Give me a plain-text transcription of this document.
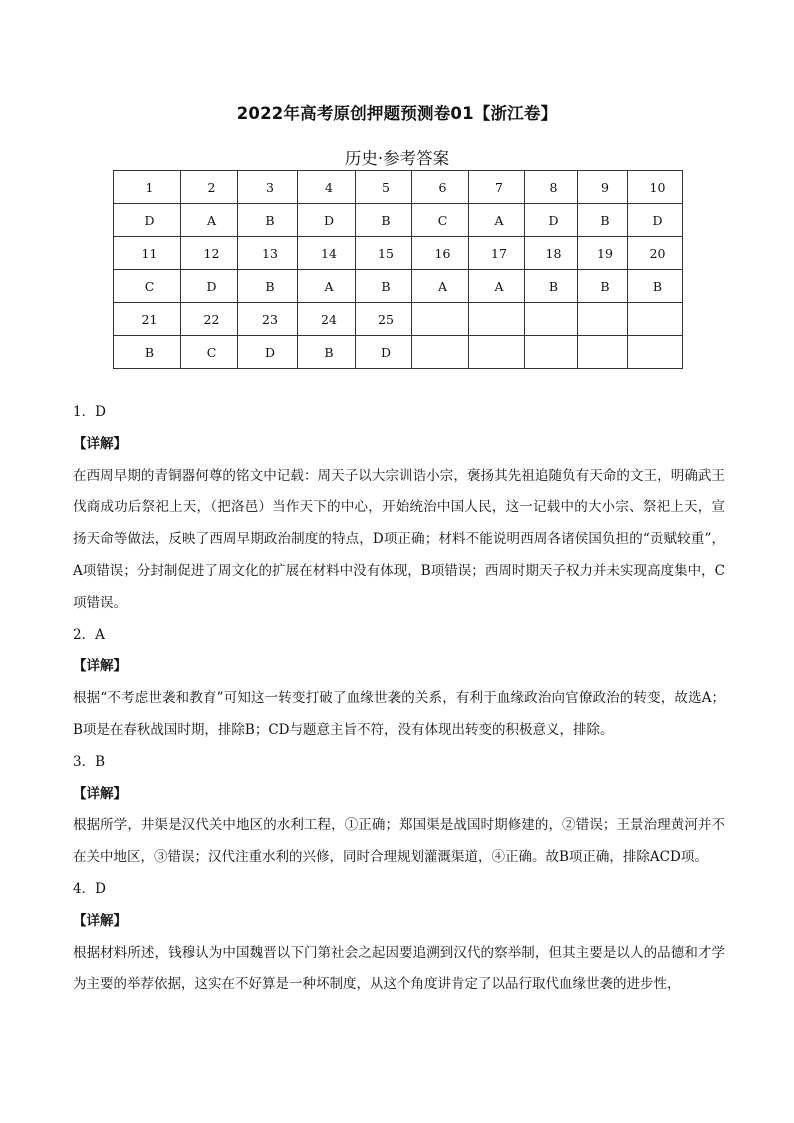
2022年高考原创押题预测卷01【浙江卷】
历史·参考答案
1	2	3	4	5	6	7	8	9	10
D	A	B	D	B	C	A	D	B	D
11	12	13	14	15	16	17	18	19	20
C	D	B	A	B	A	A	B	B	B
21	22	23	24	25					
B	C	D	B	D					

1．D

【详解】

在西周早期的青铜器何尊的铭文中记载：周天子以大宗训诰小宗，褒扬其先祖追随负有天命的文王，明确武王伐商成功后祭祀上天，（把洛邑）当作天下的中心，开始统治中国人民，这一记载中的大小宗、祭祀上天，宣扬天命等做法，反映了西周早期政治制度的特点，D项正确；材料不能说明西周各诸侯国负担的“贡赋较重”，A项错误；分封制促进了周文化的扩展在材料中没有体现，B项错误；西周时期天子权力并未实现高度集中，C项错误。

2．A

【详解】

根据“不考虑世袭和教育”可知这一转变打破了血缘世袭的关系，有利于血缘政治向官僚政治的转变，故选A；B项是在春秋战国时期，排除B；CD与题意主旨不符，没有体现出转变的积极意义，排除。

3．B

【详解】

根据所学，井渠是汉代关中地区的水利工程，①正确；郑国渠是战国时期修建的，②错误；王景治理黄河并不在关中地区，③错误；汉代注重水利的兴修，同时合理规划灌溉渠道，④正确。故B项正确，排除ACD项。

4．D

【详解】

根据材料所述，钱穆认为中国魏晋以下门第社会之起因要追溯到汉代的察举制，但其主要是以人的品德和才学为主要的举荐依据，这实在不好算是一种坏制度，从这个角度讲肯定了以品行取代血缘世袭的进步性，
